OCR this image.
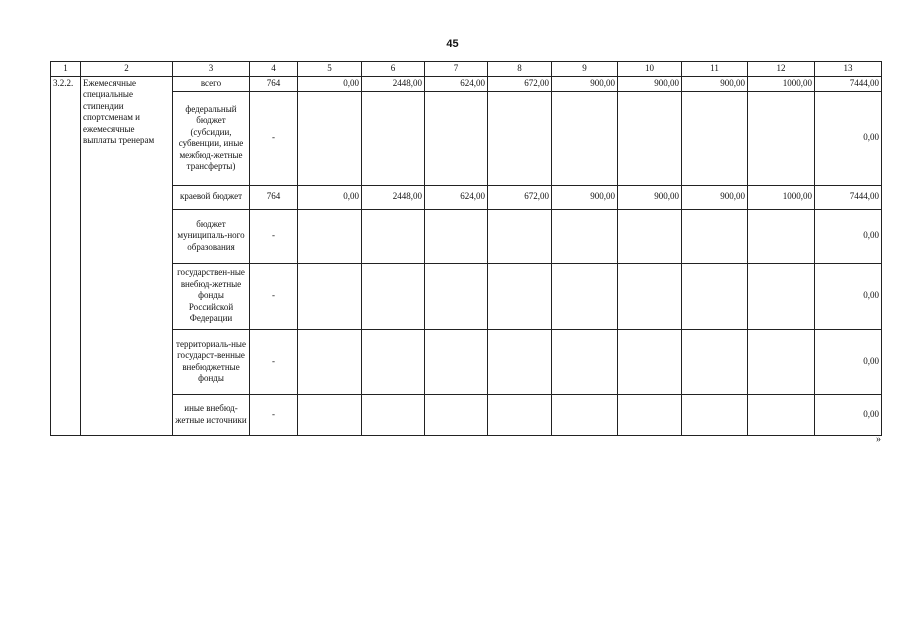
45
1	2	3	4	5	6	7	8	9	10	11	12	13
3.2.2.	Ежемесячные специальные стипендии спортсменам и ежемесячные выплаты тренерам	всего	764	0,00	2448,00	624,00	672,00	900,00	900,00	900,00	1000,00	7444,00
		федеральный бюджет (субсидии, субвенции, иные межбюд-жетные трансферты)	-									0,00
		краевой бюджет	764	0,00	2448,00	624,00	672,00	900,00	900,00	900,00	1000,00	7444,00
		бюджет муниципаль-ного образования	-									0,00
		государствен-ные внебюд-жетные фонды Российской Федерации	-									0,00
		территориаль-ные государст-венные внебюджетные фонды	-									0,00
		иные внебюд-жетные источники	-									0,00
»
